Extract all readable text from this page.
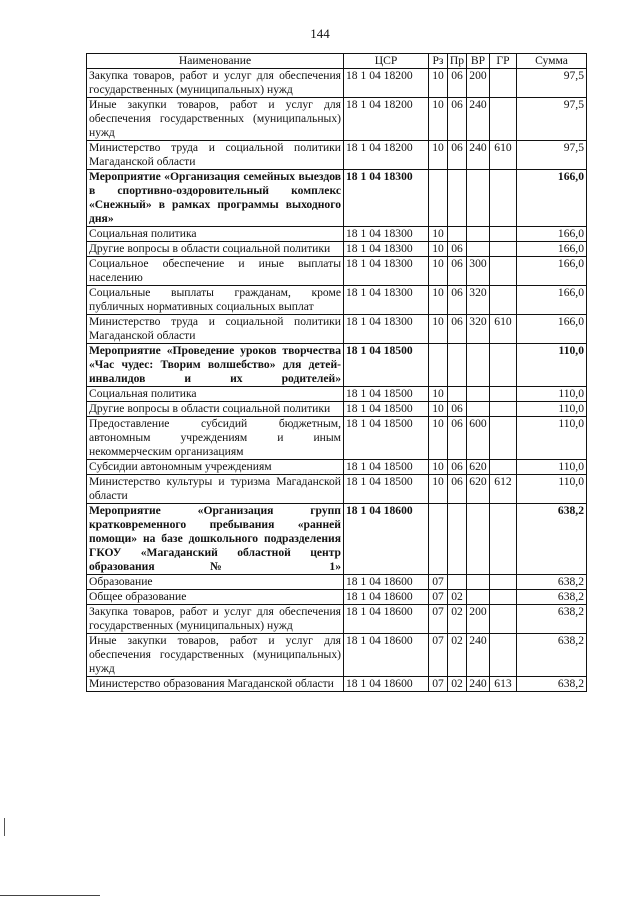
144
Наименование	ЦСР	Рз	Пр	ВР	ГР	Сумма
Закупка товаров, работ и услуг для обеспечения государственных (муниципальных) нужд	18 1 04 18200	10	06	200		97,5
Иные закупки товаров, работ и услуг для обеспечения государственных (муниципальных) нужд	18 1 04 18200	10	06	240		97,5
Министерство труда и социальной политики Магаданской области	18 1 04 18200	10	06	240	610	97,5
Мероприятие «Организация семейных выездов в спортивно-оздоровительный комплекс «Снежный» в рамках программы выходного дня»	18 1 04 18300					166,0
Социальная политика	18 1 04 18300	10				166,0
Другие вопросы в области социальной политики	18 1 04 18300	10	06			166,0
Социальное обеспечение и иные выплаты населению	18 1 04 18300	10	06	300		166,0
Социальные выплаты гражданам, кроме публичных нормативных социальных выплат	18 1 04 18300	10	06	320		166,0
Министерство труда и социальной политики Магаданской области	18 1 04 18300	10	06	320	610	166,0
Мероприятие «Проведение уроков творчества «Час чудес: Творим волшебство» для детей-инвалидов и их родителей»	18 1 04 18500					110,0
Социальная политика	18 1 04 18500	10				110,0
Другие вопросы в области социальной политики	18 1 04 18500	10	06			110,0
Предоставление субсидий бюджетным, автономным учреждениям и иным некоммерческим организациям	18 1 04 18500	10	06	600		110,0
Субсидии автономным учреждениям	18 1 04 18500	10	06	620		110,0
Министерство культуры и туризма Магаданской области	18 1 04 18500	10	06	620	612	110,0
Мероприятие «Организация групп кратковременного пребывания «ранней помощи» на базе дошкольного подразделения ГКОУ «Магаданский областной центр образования № 1»	18 1 04 18600					638,2
Образование	18 1 04 18600	07				638,2
Общее образование	18 1 04 18600	07	02			638,2
Закупка товаров, работ и услуг для обеспечения государственных (муниципальных) нужд	18 1 04 18600	07	02	200		638,2
Иные закупки товаров, работ и услуг для обеспечения государственных (муниципальных) нужд	18 1 04 18600	07	02	240		638,2
Министерство образования Магаданской области	18 1 04 18600	07	02	240	613	638,2
